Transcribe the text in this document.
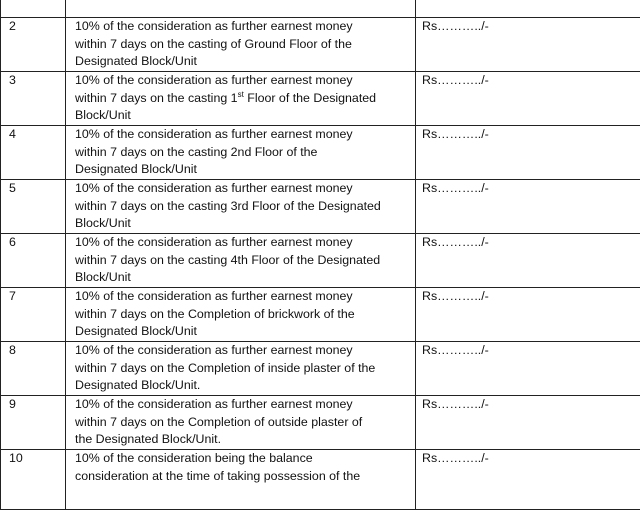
2	10% of the consideration as further earnest money
within 7 days on the casting of Ground Floor of the
Designated Block/Unit	Rs………../-
3	10% of the consideration as further earnest money
within 7 days on the casting 1st Floor of the Designated
Block/Unit	Rs………../-
4	10% of the consideration as further earnest money
within 7 days on the casting 2nd Floor of the
Designated Block/Unit	Rs………../-
5	10% of the consideration as further earnest money
within 7 days on the casting 3rd Floor of the Designated
Block/Unit	Rs………../-
6	10% of the consideration as further earnest money
within 7 days on the casting 4th Floor of the Designated
Block/Unit	Rs………../-
7	10% of the consideration as further earnest money
within 7 days on the Completion of brickwork of the
Designated Block/Unit	Rs………../-
8	10% of the consideration as further earnest money
within 7 days on the Completion of inside plaster of the
Designated Block/Unit.	Rs………../-
9	10% of the consideration as further earnest money
within 7 days on the Completion of outside plaster of
the Designated Block/Unit.	Rs………../-
10	10% of the consideration being the balance
consideration at the time of taking possession of the	Rs………../-
